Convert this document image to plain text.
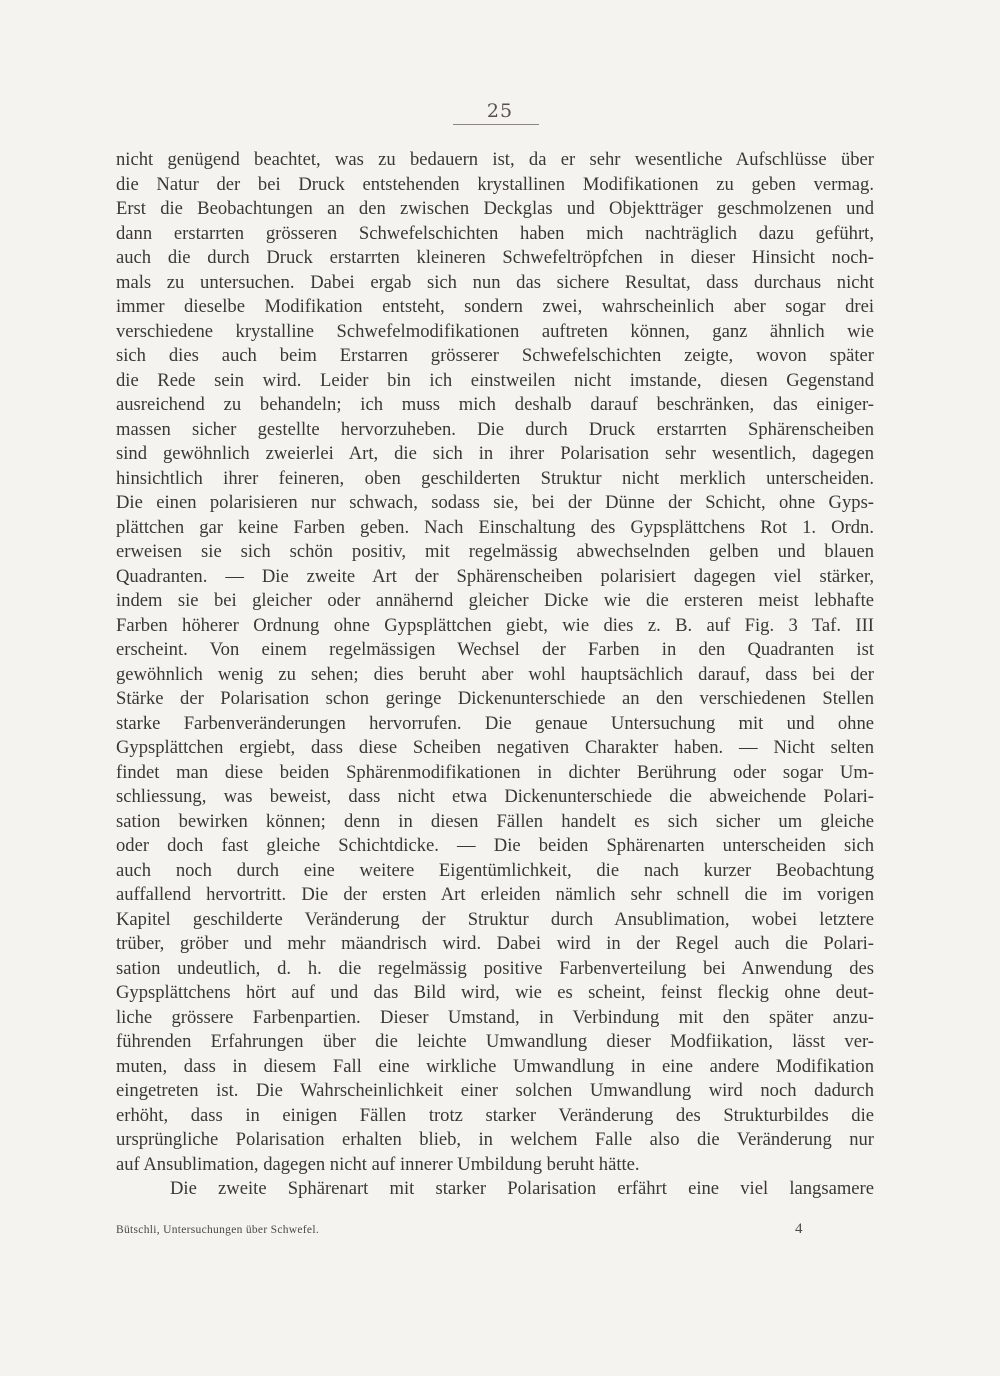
25
nicht genügend beachtet, was zu bedauern ist, da er sehr wesentliche Aufschlüsse über
die Natur der bei Druck entstehenden krystallinen Modifikationen zu geben vermag.
Erst die Beobachtungen an den zwischen Deckglas und Objektträger geschmolzenen und
dann erstarrten grösseren Schwefelschichten haben mich nachträglich dazu geführt,
auch die durch Druck erstarrten kleineren Schwefeltröpfchen in dieser Hinsicht noch-
mals zu untersuchen. Dabei ergab sich nun das sichere Resultat, dass durchaus nicht
immer dieselbe Modifikation entsteht, sondern zwei, wahrscheinlich aber sogar drei
verschiedene krystalline Schwefelmodifikationen auftreten können, ganz ähnlich wie
sich dies auch beim Erstarren grösserer Schwefelschichten zeigte, wovon später
die Rede sein wird. Leider bin ich einstweilen nicht imstande, diesen Gegenstand
ausreichend zu behandeln; ich muss mich deshalb darauf beschränken, das einiger-
massen sicher gestellte hervorzuheben. Die durch Druck erstarrten Sphärenscheiben
sind gewöhnlich zweierlei Art, die sich in ihrer Polarisation sehr wesentlich, dagegen
hinsichtlich ihrer feineren, oben geschilderten Struktur nicht merklich unterscheiden.
Die einen polarisieren nur schwach, sodass sie, bei der Dünne der Schicht, ohne Gyps-
plättchen gar keine Farben geben. Nach Einschaltung des Gypsplättchens Rot 1. Ordn.
erweisen sie sich schön positiv, mit regelmässig abwechselnden gelben und blauen
Quadranten. — Die zweite Art der Sphärenscheiben polarisiert dagegen viel stärker,
indem sie bei gleicher oder annähernd gleicher Dicke wie die ersteren meist lebhafte
Farben höherer Ordnung ohne Gypsplättchen giebt, wie dies z. B. auf Fig. 3 Taf. III
erscheint. Von einem regelmässigen Wechsel der Farben in den Quadranten ist
gewöhnlich wenig zu sehen; dies beruht aber wohl hauptsächlich darauf, dass bei der
Stärke der Polarisation schon geringe Dickenunterschiede an den verschiedenen Stellen
starke Farbenveränderungen hervorrufen. Die genaue Untersuchung mit und ohne
Gypsplättchen ergiebt, dass diese Scheiben negativen Charakter haben. — Nicht selten
findet man diese beiden Sphärenmodifikationen in dichter Berührung oder sogar Um-
schliessung, was beweist, dass nicht etwa Dickenunterschiede die abweichende Polari-
sation bewirken können; denn in diesen Fällen handelt es sich sicher um gleiche
oder doch fast gleiche Schichtdicke. — Die beiden Sphärenarten unterscheiden sich
auch noch durch eine weitere Eigentümlichkeit, die nach kurzer Beobachtung
auffallend hervortritt. Die der ersten Art erleiden nämlich sehr schnell die im vorigen
Kapitel geschilderte Veränderung der Struktur durch Ansublimation, wobei letztere
trüber, gröber und mehr mäandrisch wird. Dabei wird in der Regel auch die Polari-
sation undeutlich, d. h. die regelmässig positive Farbenverteilung bei Anwendung des
Gypsplättchens hört auf und das Bild wird, wie es scheint, feinst fleckig ohne deut-
liche grössere Farbenpartien. Dieser Umstand, in Verbindung mit den später anzu-
führenden Erfahrungen über die leichte Umwandlung dieser Modfiikation, lässt ver-
muten, dass in diesem Fall eine wirkliche Umwandlung in eine andere Modifikation
eingetreten ist. Die Wahrscheinlichkeit einer solchen Umwandlung wird noch dadurch
erhöht, dass in einigen Fällen trotz starker Veränderung des Strukturbildes die
ursprüngliche Polarisation erhalten blieb, in welchem Falle also die Veränderung nur
auf Ansublimation, dagegen nicht auf innerer Umbildung beruht hätte.
Die zweite Sphärenart mit starker Polarisation erfährt eine viel langsamere
Bütschli, Untersuchungen über Schwefel.	4
